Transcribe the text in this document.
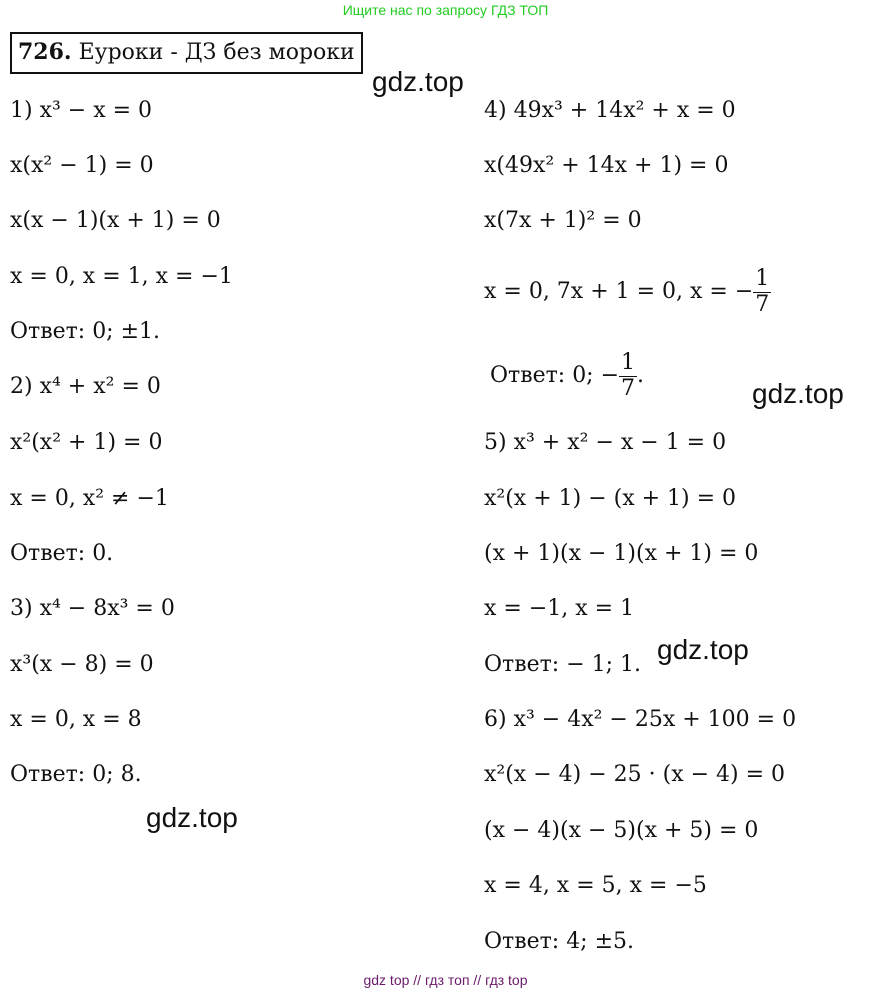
Ищите нас по запросу ГДЗ ТОП
726. Еуроки - ДЗ без мороки
gdz.top
gdz.top
gdz.top
gdz.top
1) x³ − x = 0
x(x² − 1) = 0
x(x − 1)(x + 1) = 0
x = 0, x = 1, x = −1
Ответ: 0; ±1.
2) x⁴ + x² = 0
x²(x² + 1) = 0
x = 0, x² ≠ −1
Ответ: 0.
3) x⁴ − 8x³ = 0
x³(x − 8) = 0
x = 0, x = 8
Ответ: 0; 8.
4) 49x³ + 14x² + x = 0
x(49x² + 14x + 1) = 0
x(7x + 1)² = 0
x = 0, 7x + 1 = 0, x = − $\frac{1}{7}$
Ответ: 0; − $\frac{1}{7}$ .
5) x³ + x² − x − 1 = 0
x²(x + 1) − (x + 1) = 0
(x + 1)(x − 1)(x + 1) = 0
x = −1, x = 1
Ответ: − 1; 1.
6) x³ − 4x² − 25x + 100 = 0
x²(x − 4) − 25 · (x − 4) = 0
(x − 4)(x − 5)(x + 5) = 0
x = 4, x = 5, x = −5
Ответ: 4; ±5.
gdz top // гдз топ // гдз top
